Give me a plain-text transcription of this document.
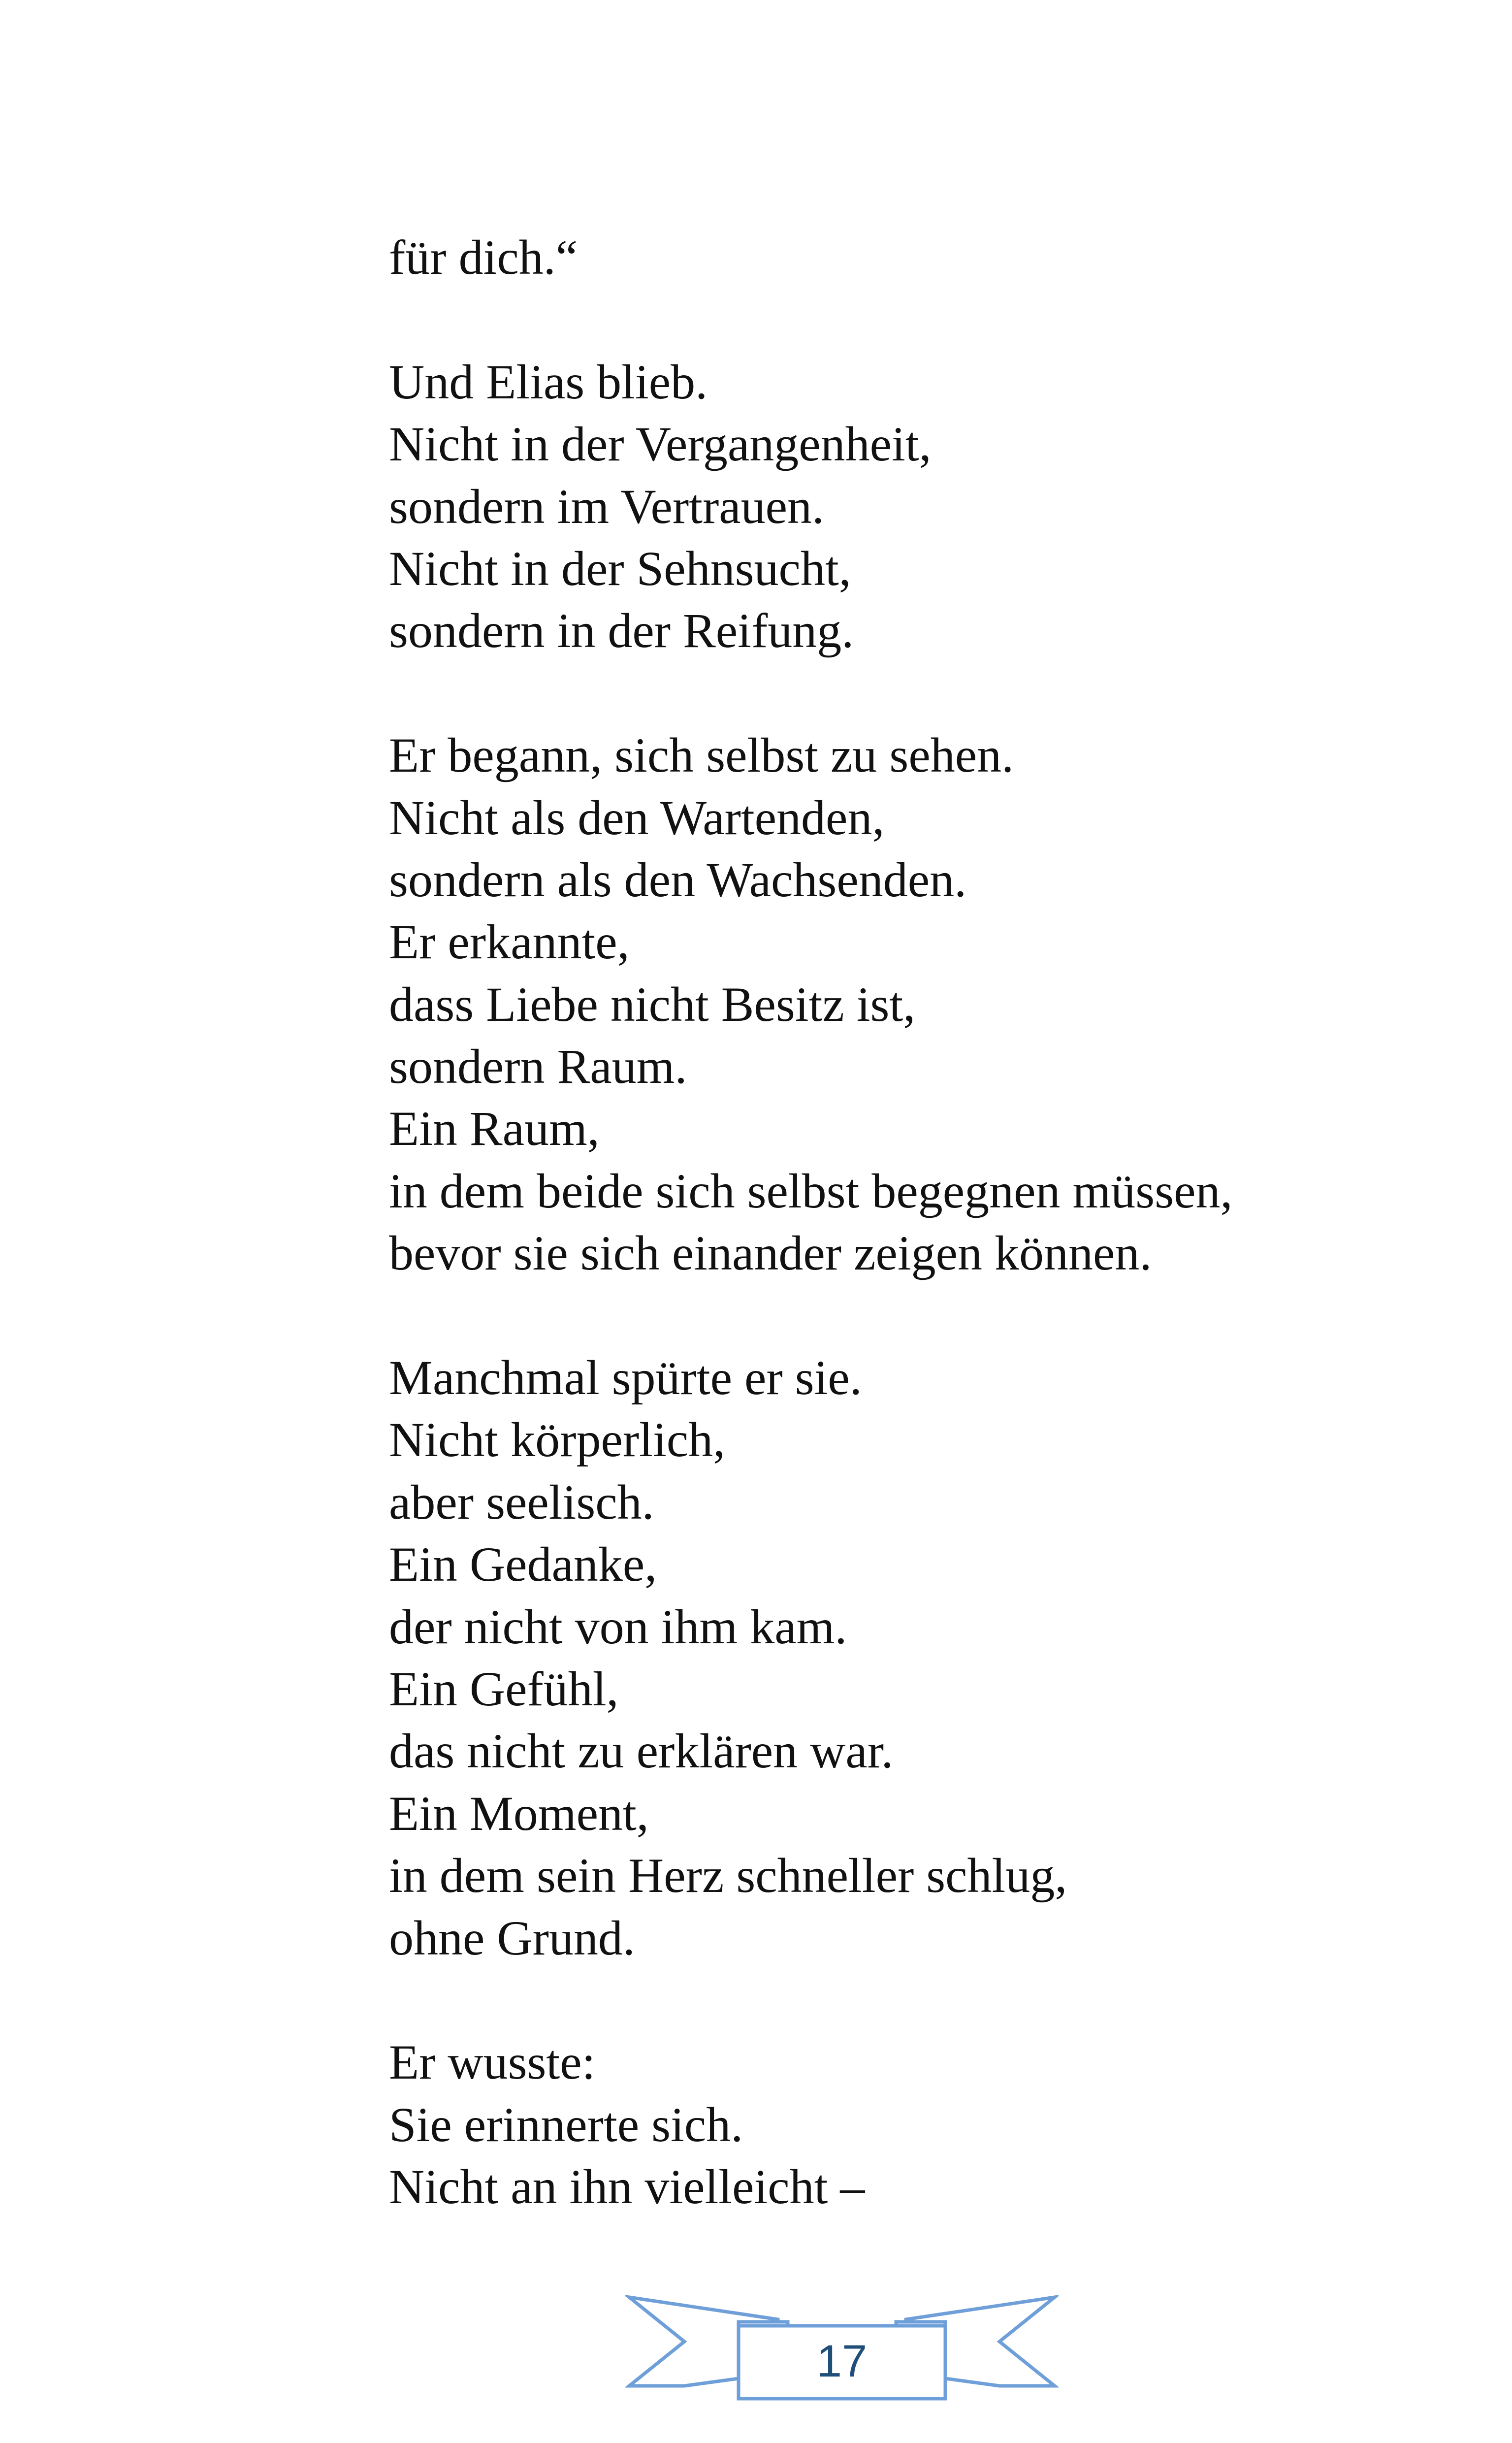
für dich.“
Und Elias blieb.
Nicht in der Vergangenheit,
sondern im Vertrauen.
Nicht in der Sehnsucht,
sondern in der Reifung.
Er begann, sich selbst zu sehen.
Nicht als den Wartenden,
sondern als den Wachsenden.
Er erkannte,
dass Liebe nicht Besitz ist,
sondern Raum.
Ein Raum,
in dem beide sich selbst begegnen müssen,
bevor sie sich einander zeigen können.
Manchmal spürte er sie.
Nicht körperlich,
aber seelisch.
Ein Gedanke,
der nicht von ihm kam.
Ein Gefühl,
das nicht zu erklären war.
Ein Moment,
in dem sein Herz schneller schlug,
ohne Grund.
Er wusste:
Sie erinnerte sich.
Nicht an ihn vielleicht –
17
